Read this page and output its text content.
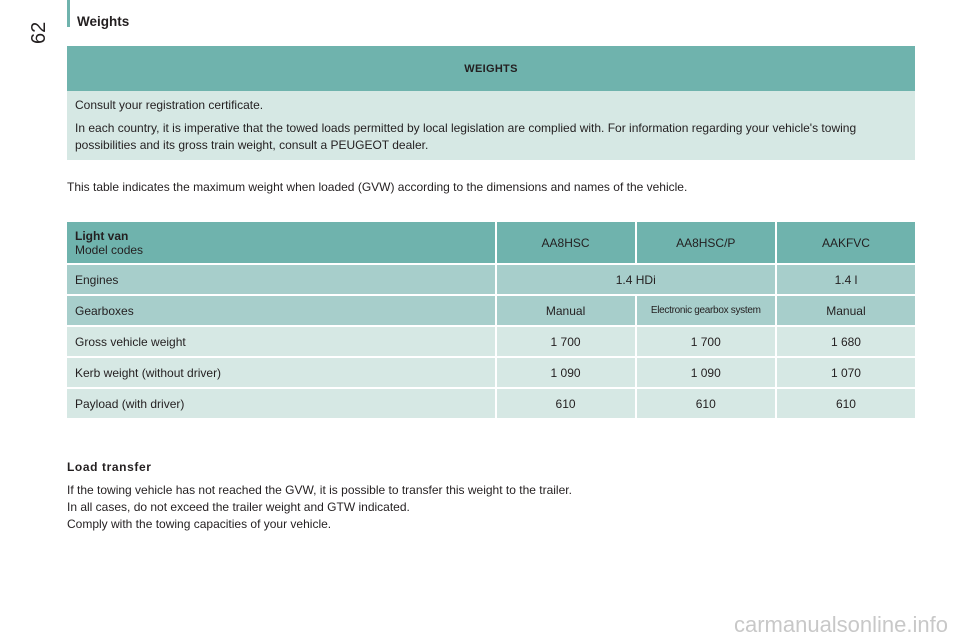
62
Weights
WEIGHTS

Consult your registration certificate.

In each country, it is imperative that the towed loads permitted by local legislation are complied with. For information regarding your vehicle's towing possibilities and its gross train weight, consult a PEUGEOT dealer.

This table indicates the maximum weight when loaded (GVW) according to the dimensions and names of the vehicle.
Light van
Model codes	AA8HSC	AA8HSC/P	AAKFVC
Engines	1.4 HDi		1.4 l
Gearboxes	Manual	Electronic gearbox system	Manual
Gross vehicle weight	1 700	1 700	1 680
Kerb weight (without driver)	1 090	1 090	1 070
Payload (with driver)	610	610	610
Load transfer

If the towing vehicle has not reached the GVW, it is possible to transfer this weight to the trailer.

In all cases, do not exceed the trailer weight and GTW indicated.

Comply with the towing capacities of your vehicle.

carmanualsonline.info
